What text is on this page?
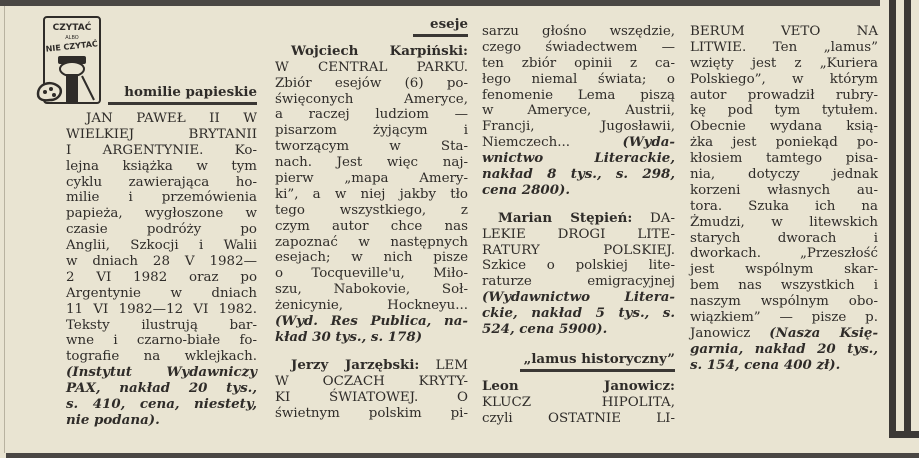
CZYTAĆ
ALBO
NIE CZYTAĆ
homilie papieskie
JAN PAWEŁ II W
WIELKIEJ BRYTANII
I ARGENTYNIE. Ko-
lejna książka w tym
cyklu zawierająca ho-
milie i przemówienia
papieża, wygłoszone w
czasie podróży po
Anglii, Szkocji i Walii
w dniach 28 V 1982—
2 VI 1982 oraz po
Argentynie w dniach
11 VI 1982—12 VI 1982.
Teksty ilustrują bar-
wne i czarno-białe fo-
tografie na wklejkach.
(Instytut Wydawniczy
PAX, nakład 20 tys.,
s. 410, cena, niestety,
nie podana).
eseje
Wojciech Karpiński:
W CENTRAL PARKU.
Zbiór esejów (6) po-
święconych Ameryce,
a raczej ludziom —
pisarzom żyjącym i
tworzącym w Sta-
nach. Jest więc naj-
pierw „mapa Amery-
ki”, a w niej jakby tło
tego wszystkiego, z
czym autor chce nas
zapoznać w następnych
esejach; w nich pisze
o Tocqueville'u, Miło-
szu, Nabokovie, Soł-
żenicynie, Hockneyu...
(Wyd. Res Publica, na-
kład 30 tys., s. 178)
Jerzy Jarzębski: LEM
W OCZACH KRYTY-
KI ŚWIATOWEJ. O
świetnym polskim pi-
sarzu głośno wszędzie,
czego świadectwem —
ten zbiór opinii z ca-
łego niemal świata; o
fenomenie Lema piszą
w Ameryce, Austrii,
Francji, Jugosławii,
Niemczech...	(Wyda-
wnictwo Literackie,
nakład 8 tys., s. 298,
cena 2800).
Marian Stępień: DA-
LEKIE DROGI LITE-
RATURY POLSKIEJ.
Szkice o polskiej lite-
raturze emigracyjnej
(Wydawnictwo Litera-
ckie, nakład 5 tys., s.
524, cena 5900).
„lamus historyczny”
Leon	Janowicz:
KLUCZ HIPOLITA,
czyli OSTATNIE LI-
BERUM VETO NA
LITWIE. Ten „lamus”
wzięty jest z „Kuriera
Polskiego”, w którym
autor prowadził rubry-
kę pod tym tytułem.
Obecnie wydana ksią-
żka jest poniekąd po-
kłosiem tamtego pisa-
nia, dotyczy jednak
korzeni własnych au-
tora. Szuka ich na
Żmudzi, w litewskich
starych dworach i
dworkach. „Przeszłość
jest wspólnym skar-
bem nas wszystkich i
naszym wspólnym obo-
wiązkiem” — pisze p.
Janowicz (Nasza Księ-
garnia, nakład 20 tys.,
s. 154, cena 400 zł).
